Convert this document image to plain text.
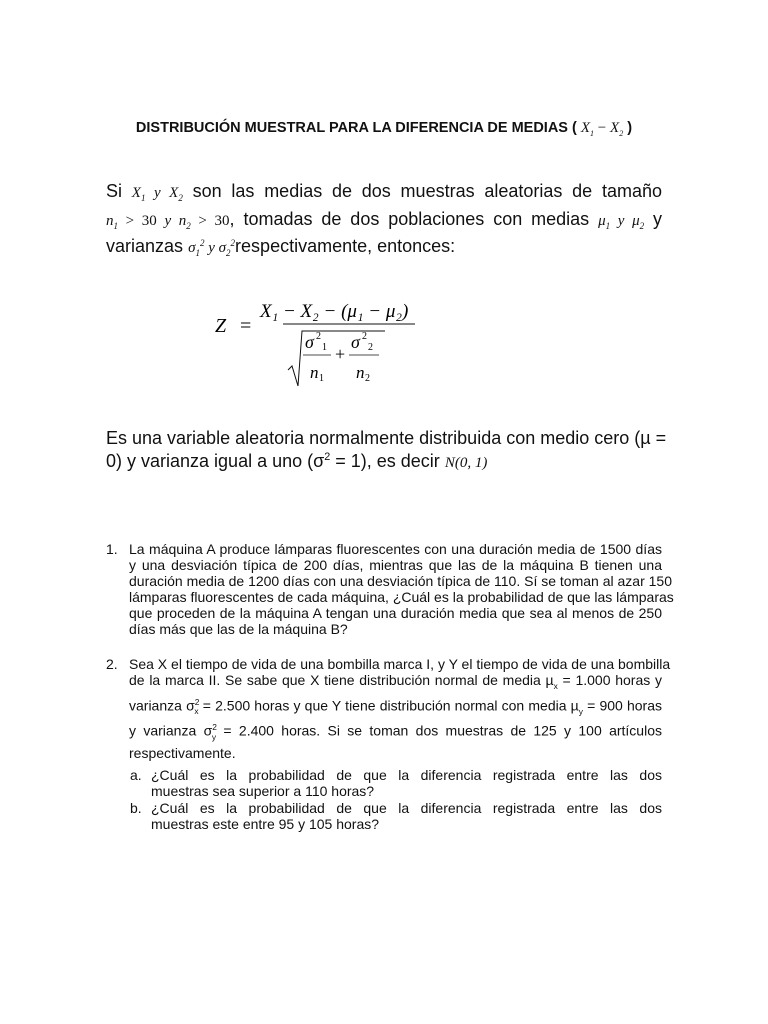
DISTRIBUCIÓN MUESTRAL PARA LA DIFERENCIA DE MEDIAS ( $X_1 - X_2$ )
Si $X_1$ y $X_2$ son las medias de dos muestras aleatorias de tamaño
$n_1 > 30$ y $n_2 > 30$, tomadas de dos poblaciones con medias $\mu_1$ y $\mu_2$ y
varianzas $\sigma_1^2$ y $\sigma_2^2respectivamente$, entonces:
Z =
X₁ − X₂ − (μ₁ − μ₂)
σ 2
1
n 1
+
σ 2
2
n 2
Es una variable aleatoria normalmente distribuida con medio cero (µ =
0) y varianza igual a uno $(\sigma^2 = 1)$, es decir N(0, 1)
1. La máquina A produce lámparas fluorescentes con una duración media de 1500 días
y una desviación típica de 200 días, mientras que las de la máquina B tienen una
duración media de 1200 días con una desviación típica de 110. Sí se toman al azar 150
lámparas fluorescentes de cada máquina, ¿Cuál es la probabilidad de que las lámparas
que proceden de la máquina A tengan una duración media que sea al menos de 250
días más que las de la máquina B?
2. Sea X el tiempo de vida de una bombilla marca I, y Y el tiempo de vida de una bombilla
de la marca II. Se sabe que X tiene distribución normal de media µ$_x$ = 1.000 horas y
varianza $\sigma^2_x = 2.500$ horas y que Y tiene distribución normal con media µ$_y$ = 900 horas
y varianza $\sigma^2_y = 2.400$ horas. Si se toman dos muestras de 125 y 100 artículos
respectivamente.
a. ¿Cuál es la probabilidad de que la diferencia registrada entre las dos
muestras sea superior a 110 horas?
b. ¿Cuál es la probabilidad de que la diferencia registrada entre las dos
muestras este entre 95 y 105 horas?
